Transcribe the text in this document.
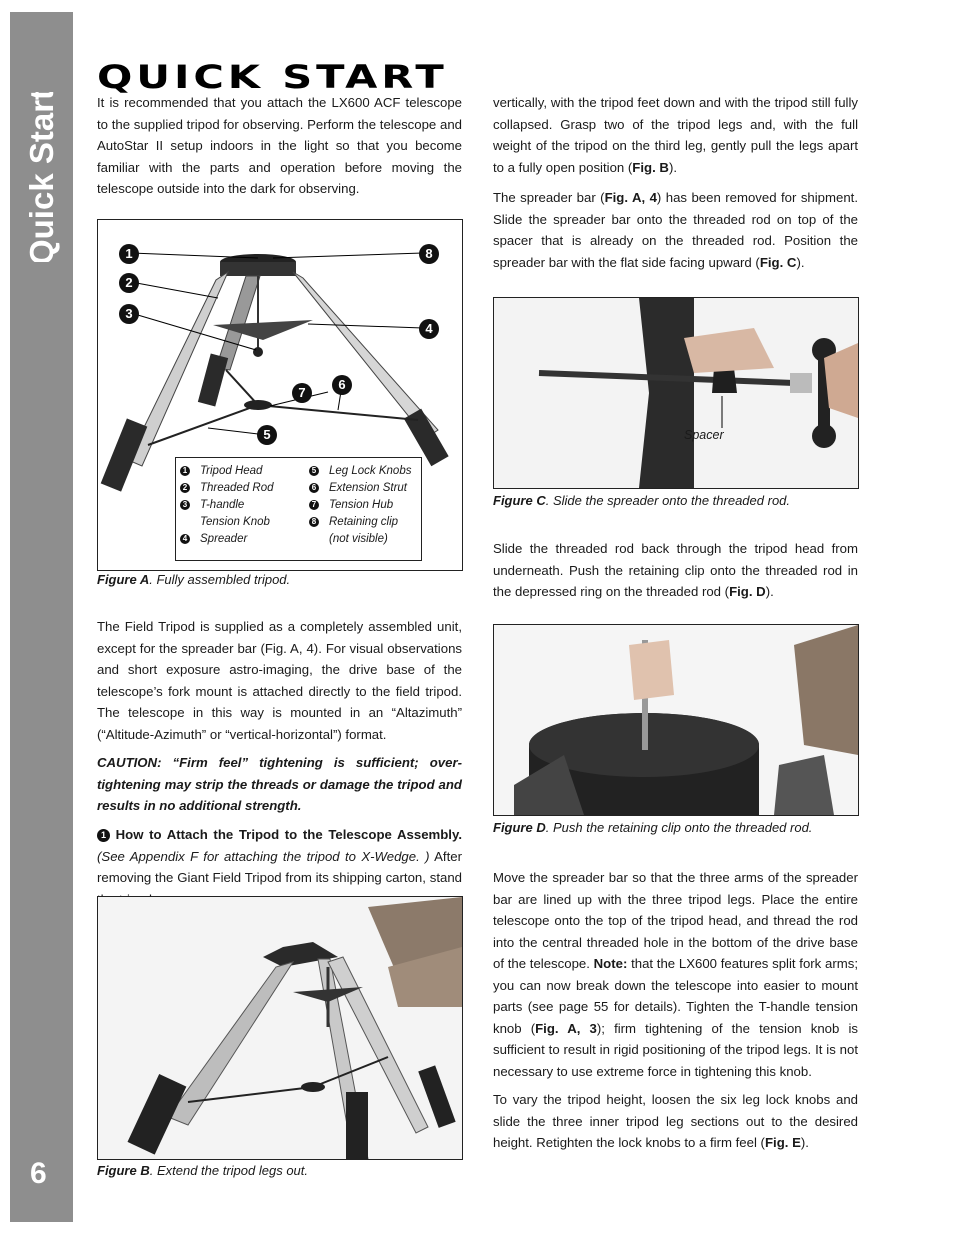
Quick Start
6
QUICK START
It is recommended that you attach the LX600 ACF telescope to the supplied tripod for observing. Perform the telescope and AutoStar II setup indoors in the light so that you become familiar with the parts and operation before moving the telescope outside into the dark for observing.
1
2
3
4
5
6
7
8
1 Tripod Head
2 Threaded Rod
3 T-handle
Tension Knob
4 Spreader
5 Leg Lock Knobs
6 Extension Strut
7 Tension Hub
8 Retaining clip
(not visible)
Figure A. Fully assembled tripod.
The Field Tripod is supplied as a completely assembled unit, except for the spreader bar (Fig. A, 4). For visual observations and short exposure astro-imaging, the drive base of the telescope’s fork mount is attached directly to the field tripod. The telescope in this way is mounted in an “Altazimuth” (“Altitude-Azimuth” or “vertical-horizontal”) format.
CAUTION: “Firm feel” tightening is sufficient; over-tightening may strip the threads or damage the tripod and results in no additional strength.
1 How to Attach the Tripod to the Telescope Assembly. (See Appendix F for attaching the tripod to X-Wedge. ) After removing the Giant Field Tripod from its shipping carton, stand
Figure B. Extend the tripod legs out.
vertically, with the tripod feet down and with the tripod still fully collapsed. Grasp two of the tripod legs and, with the full weight of the tripod on the third leg, gently pull the legs apart to a fully open position (Fig. B).
The spreader bar (Fig. A, 4) has been removed for shipment. Slide the spreader bar onto the threaded rod on top of the spacer that is already on the threaded rod. Position the spreader bar with the flat side facing upward (Fig. C).
Spacer
Figure C. Slide the spreader onto the threaded rod.
Slide the threaded rod back through the tripod head from underneath. Push the retaining clip onto the threaded rod in the depressed ring on the threaded rod (Fig. D).
Figure D. Push the retaining clip onto the threaded rod.
Move the spreader bar so that the three arms of the spreader bar are lined up with the three tripod legs. Place the entire telescope onto the top of the tripod head, and thread the rod into the central threaded hole in the bottom of the drive base of the telescope. Note: that the LX600 features split fork arms; you can now break down the telescope into easier to mount parts (see page 55 for details). Tighten the T-handle tension knob (Fig. A, 3); firm tightening of the tension knob is sufficient to result in rigid positioning of the tripod legs. It is not necessary to use extreme force in tightening this knob.
To vary the tripod height, loosen the six leg lock knobs and slide the three inner tripod leg sections out to the desired height. Retighten the lock knobs to a firm feel (Fig. E).
